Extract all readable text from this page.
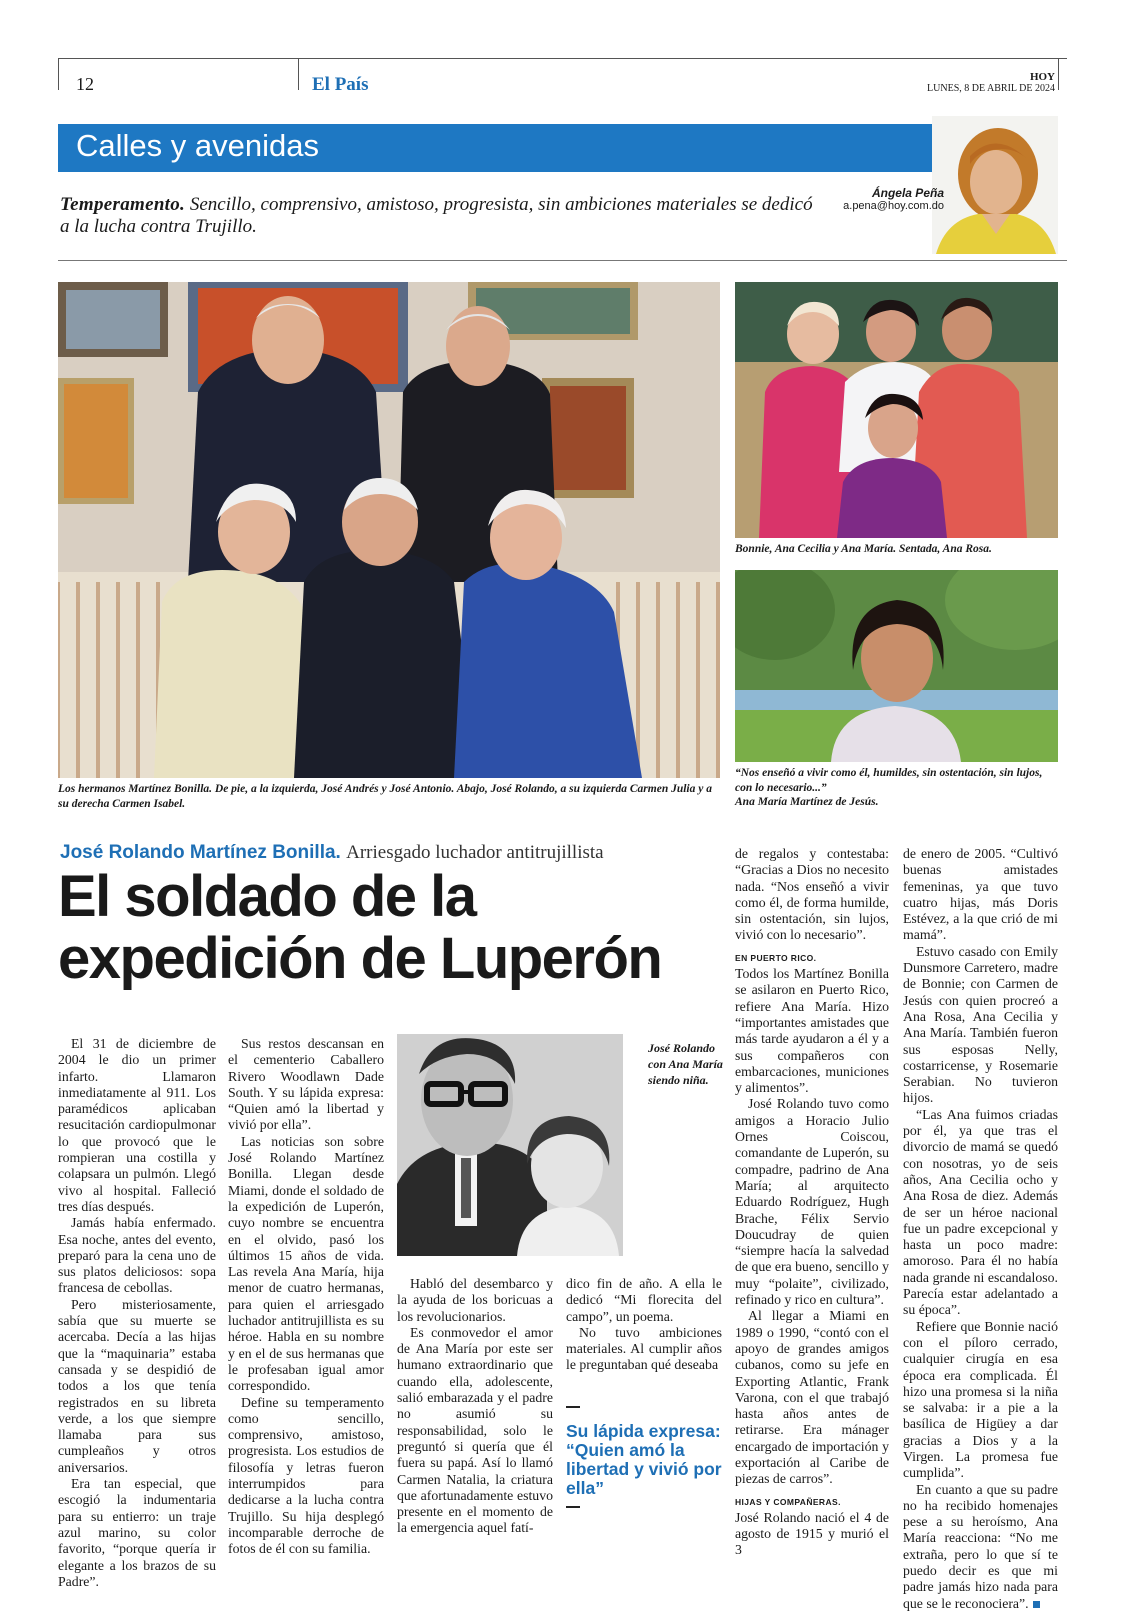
12	El País	HOY
LUNES, 8 DE ABRIL DE 2024
Calles y avenidas
Temperamento. Sencillo, comprensivo, amistoso, progresista, sin ambiciones materiales se dedicó a la lucha contra Trujillo.
Ángela Peña
a.pena@hoy.com.do
Los hermanos Martínez Bonilla. De pie, a la izquierda, José Andrés y José Antonio. Abajo, José Rolando, a su izquierda Carmen Julia y a su derecha Carmen Isabel.
Bonnie, Ana Cecilia y Ana María. Sentada, Ana Rosa.
“Nos enseñó a vivir como él, humildes, sin ostentación, sin lujos, con lo necesario...”
Ana María Martínez de Jesús.
José Rolando Martínez Bonilla. Arriesgado luchador antitrujillista
El soldado de la
expedición de Luperón
José Rolando con Ana María siendo niña.

El 31 de diciembre de 2004 le dio un primer infarto. Llamaron inmediatamente al 911. Los paramédicos aplicaban resucitación cardiopulmonar lo que provocó que le rompieran una costilla y colapsara un pulmón. Llegó vivo al hospital. Falleció tres días después.

Jamás había enfermado. Esa noche, antes del evento, preparó para la cena uno de sus platos deliciosos: sopa francesa de cebollas.

Pero misteriosamente, sabía que su muerte se acercaba. Decía a las hijas que la “maquinaria” estaba cansada y se despidió de todos a los que tenía registrados en su libreta verde, a los que siempre llamaba para sus cumpleaños y otros aniversarios.

Era tan especial, que escogió la indumentaria para su entierro: un traje azul marino, su color favorito, “porque quería ir elegante a los brazos de su Padre”.

Sus restos descansan en el cementerio Caballero Rivero Woodlawn Dade South. Y su lápida expresa: “Quien amó la libertad y vivió por ella”.

Las noticias son sobre José Rolando Martínez Bonilla. Llegan desde Miami, donde el soldado de la expedición de Luperón, cuyo nombre se encuentra en el olvido, pasó los últimos 15 años de vida. Las revela Ana María, hija menor de cuatro hermanas, para quien el arriesgado luchador antitrujillista es su héroe. Habla en su nombre y en el de sus hermanas que le profesaban igual amor correspondido.

Define su temperamento como sencillo, comprensivo, amistoso, progresista. Los estudios de filosofía y letras fueron interrumpidos para dedicarse a la lucha contra Trujillo. Su hija desplegó incomparable derroche de fotos de él con su familia.

Habló del desembarco y la ayuda de los boricuas a los revolucionarios.

Es conmovedor el amor de Ana María por este ser humano extraordinario que cuando ella, adolescente, salió embarazada y el padre no asumió su responsabilidad, solo le preguntó si quería que él fuera su papá. Así lo llamó Carmen Natalia, la criatura que afortunadamente estuvo presente en el momento de la emergencia aquel fatí-

dico fin de año. A ella le dedicó “Mi florecita del campo”, un poema.

No tuvo ambiciones materiales. Al cumplir años le preguntaban qué deseaba

Su lápida expresa:
“Quien amó la libertad y vivió por ella”

de regalos y contestaba: “Gracias a Dios no necesito nada. “Nos enseñó a vivir como él, de forma humilde, sin ostentación, sin lujos, vivió con lo necesario”.

EN PUERTO RICO.

Todos los Martínez Bonilla se asilaron en Puerto Rico, refiere Ana María. Hizo “importantes amistades que más tarde ayudaron a él y a sus compañeros con embarcaciones, municiones y alimentos”.

José Rolando tuvo como amigos a Horacio Julio Ornes Coiscou, comandante de Luperón, su compadre, padrino de Ana María; al arquitecto Eduardo Rodríguez, Hugh Brache, Félix Servio Doucudray de quien “siempre hacía la salvedad de que era bueno, sencillo y muy “polaite”, civilizado, refinado y rico en cultura”.

Al llegar a Miami en 1989 o 1990, “contó con el apoyo de grandes amigos cubanos, como su jefe en Exporting Atlantic, Frank Varona, con el que trabajó hasta años antes de retirarse. Era mánager encargado de importación y exportación al Caribe de piezas de carros”.

HIJAS Y COMPAÑERAS.

José Rolando nació el 4 de agosto de 1915 y murió el 3

de enero de 2005. “Cultivó buenas amistades femeninas, ya que tuvo cuatro hijas, más Doris Estévez, a la que crió de mi mamá”.

Estuvo casado con Emily Dunsmore Carretero, madre de Bonnie; con Carmen de Jesús con quien procreó a Ana Rosa, Ana Cecilia y Ana María. También fueron sus esposas Nelly, costarricense, y Rosemarie Serabian. No tuvieron hijos.

“Las Ana fuimos criadas por él, ya que tras el divorcio de mamá se quedó con nosotras, yo de seis años, Ana Cecilia ocho y Ana Rosa de diez. Además de ser un héroe nacional fue un padre excepcional y hasta un poco madre: amoroso. Para él no había nada grande ni escandaloso. Parecía estar adelantado a su época”.

Refiere que Bonnie nació con el píloro cerrado, cualquier cirugía en esa época era complicada. Él hizo una promesa si la niña se salvaba: ir a pie a la basílica de Higüey a dar gracias a Dios y a la Virgen. La promesa fue cumplida”.

En cuanto a que su padre no ha recibido homenajes pese a su heroísmo, Ana María reacciona: “No me extraña, pero lo que sí te puedo decir es que mi padre jamás hizo nada para que se le reconociera”.
